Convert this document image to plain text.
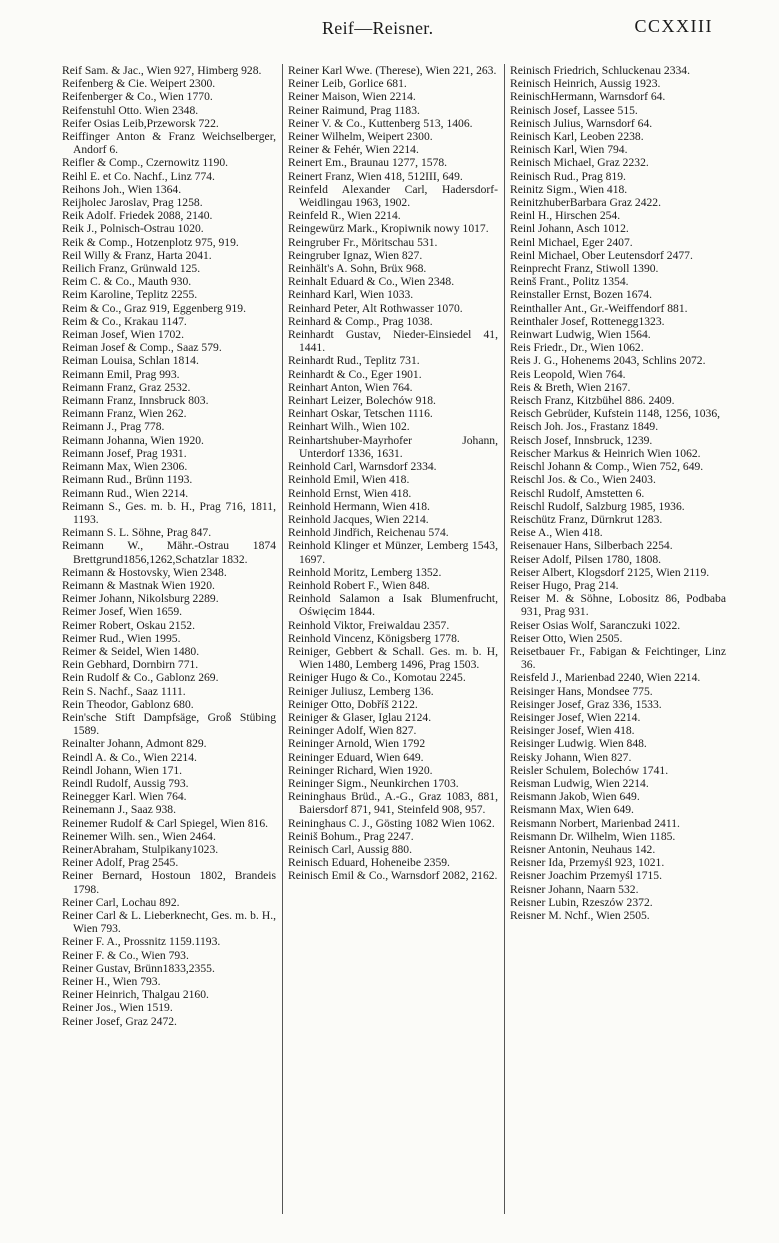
Reif—Reisner.	CCXXIII

Reif Sam. & Jac., Wien 927, Himberg 928.

Reifenberg & Cie. Weipert 2300.

Reifenberger & Co., Wien 1770.

Reifenstuhl Otto. Wien 2348.

Reifer Osias Leib,Przeworsk 722.

Reiffinger Anton & Franz Weichselberger, Andorf 6.

Reifler & Comp., Czernowitz 1190.

Reihl E. et Co. Nachf., Linz 774.

Reihons Joh., Wien 1364.

Reijholec Jaroslav, Prag 1258.

Reik Adolf. Friedek 2088, 2140.

Reik J., Polnisch-Ostrau 1020.

Reik & Comp., Hotzenplotz 975, 919.

Reil Willy & Franz, Harta 2041.

Reilich Franz, Grünwald 125.

Reim C. & Co., Mauth 930.

Reim Karoline, Teplitz 2255.

Reim & Co., Graz 919, Eggenberg 919.

Reim & Co., Krakau 1147.

Reiman Josef, Wien 1702.

Reiman Josef & Comp., Saaz 579.

Reiman Louisa, Schlan 1814.

Reimann Emil, Prag 993.

Reimann Franz, Graz 2532.

Reimann Franz, Innsbruck 803.

Reimann Franz, Wien 262.

Reimann J., Prag 778.

Reimann Johanna, Wien 1920.

Reimann Josef, Prag 1931.

Reimann Max, Wien 2306.

Reimann Rud., Brünn 1193.

Reimann Rud., Wien 2214.

Reimann S., Ges. m. b. H., Prag 716, 1811, 1193.

Reimann S. L. Söhne, Prag 847.

Reimann W., Mähr.-Ostrau 1874 Brettgrund1856,1262,Schatzlar 1832.

Reimann & Hostovsky, Wien 2348.

Reimann & Mastnak Wien 1920.

Reimer Johann, Nikolsburg 2289.

Reimer Josef, Wien 1659.

Reimer Robert, Oskau 2152.

Reimer Rud., Wien 1995.

Reimer & Seidel, Wien 1480.

Rein Gebhard, Dornbirn 771.

Rein Rudolf & Co., Gablonz 269.

Rein S. Nachf., Saaz 1111.

Rein Theodor, Gablonz 680.

Rein'sche Stift Dampfsäge, Groß Stübing 1589.

Reinalter Johann, Admont 829.

Reindl A. & Co., Wien 2214.

Reindl Johann, Wien 171.

Reindl Rudolf, Aussig 793.

Reinegger Karl. Wien 764.

Reinemann J., Saaz 938.

Reinemer Rudolf & Carl Spiegel, Wien 816.

Reinemer Wilh. sen., Wien 2464.

ReinerAbraham, Stulpikany1023.

Reiner Adolf, Prag 2545.

Reiner Bernard, Hostoun 1802, Brandeis 1798.

Reiner Carl, Lochau 892.

Reiner Carl & L. Lieberknecht, Ges. m. b. H., Wien 793.

Reiner F. A., Prossnitz 1159.1193.

Reiner F. & Co., Wien 793.

Reiner Gustav, Brünn1833,2355.

Reiner H., Wien 793.

Reiner Heinrich, Thalgau 2160.

Reiner Jos., Wien 1519.

Reiner Josef, Graz 2472.

Reiner Karl Wwe. (Therese), Wien 221, 263.

Reiner Leib, Gorlice 681.

Reiner Maison, Wien 2214.

Reiner Raimund, Prag 1183.

Reiner V. & Co., Kuttenberg 513, 1406.

Reiner Wilhelm, Weipert 2300.

Reiner & Fehér, Wien 2214.

Reinert Em., Braunau 1277, 1578.

Reinert Franz, Wien 418, 512III, 649.

Reinfeld Alexander Carl, Hadersdorf-Weidlingau 1963, 1902.

Reinfeld R., Wien 2214.

Reingewürz Mark., Kropiwnik nowy 1017.

Reingruber Fr., Möritschau 531.

Reingruber Ignaz, Wien 827.

Reinhält's A. Sohn, Brüx 968.

Reinhalt Eduard & Co., Wien 2348.

Reinhard Karl, Wien 1033.

Reinhard Peter, Alt Rothwasser 1070.

Reinhard & Comp., Prag 1038.

Reinhardt Gustav, Nieder-Einsiedel 41, 1441.

Reinhardt Rud., Teplitz 731.

Reinhardt & Co., Eger 1901.

Reinhart Anton, Wien 764.

Reinhart Leizer, Bolechów 918.

Reinhart Oskar, Tetschen 1116.

Reinhart Wilh., Wien 102.

Reinhartshuber-Mayrhofer Johann, Unterdorf 1336, 1631.

Reinhold Carl, Warnsdorf 2334.

Reinhold Emil, Wien 418.

Reinhold Ernst, Wien 418.

Reinhold Hermann, Wien 418.

Reinhold Jacques, Wien 2214.

Reinhold Jindřich, Reichenau 574.

Reinhold Klinger et Münzer, Lemberg 1543, 1697.

Reinhold Moritz, Lemberg 1352.

Reinhold Robert F., Wien 848.

Reinhold Salamon a Isak Blumenfrucht, Oświęcim 1844.

Reinhold Viktor, Freiwaldau 2357.

Reinhold Vincenz, Königsberg 1778.

Reiniger, Gebbert & Schall. Ges. m. b. H, Wien 1480, Lemberg 1496, Prag 1503.

Reiniger Hugo & Co., Komotau 2245.

Reiniger Juliusz, Lemberg 136.

Reiniger Otto, Dobříš 2122.

Reiniger & Glaser, Iglau 2124.

Reininger Adolf, Wien 827.

Reininger Arnold, Wien 1792

Reininger Eduard, Wien 649.

Reininger Richard, Wien 1920.

Reininger Sigm., Neunkirchen 1703.

Reininghaus Brüd., A.-G., Graz 1083, 881, Baiersdorf 871, 941, Steinfeld 908, 957.

Reininghaus C. J., Gösting 1082 Wien 1062.

Reiniš Bohum., Prag 2247.

Reinisch Carl, Aussig 880.

Reinisch Eduard, Hoheneibe 2359.

Reinisch Emil & Co., Warnsdorf 2082, 2162.

Reinisch Friedrich, Schluckenau 2334.

Reinisch Heinrich, Aussig 1923.

ReinischHermann, Warnsdorf 64.

Reinisch Josef, Lassee 515.

Reinisch Julius, Warnsdorf 64.

Reinisch Karl, Leoben 2238.

Reinisch Karl, Wien 794.

Reinisch Michael, Graz 2232.

Reinisch Rud., Prag 819.

Reinitz Sigm., Wien 418.

ReinitzhuberBarbara Graz 2422.

Reinl H., Hirschen 254.

Reinl Johann, Asch 1012.

Reinl Michael, Eger 2407.

Reinl Michael, Ober Leutensdorf 2477.

Reinprecht Franz, Stiwoll 1390.

Reinš Frant., Politz 1354.

Reinstaller Ernst, Bozen 1674.

Reinthaller Ant., Gr.-Weiffendorf 881.

Reinthaler Josef, Rottenegg1323.

Reinwart Ludwig, Wien 1564.

Reis Friedr., Dr., Wien 1062.

Reis J. G., Hohenems 2043, Schlins 2072.

Reis Leopold, Wien 764.

Reis & Breth, Wien 2167.

Reisch Franz, Kitzbühel 886. 2409.

Reisch Gebrüder, Kufstein 1148, 1256, 1036,

Reisch Joh. Jos., Frastanz 1849.

Reisch Josef, Innsbruck, 1239.

Reischer Markus & Heinrich Wien 1062.

Reischl Johann & Comp., Wien 752, 649.

Reischl Jos. & Co., Wien 2403.

Reischl Rudolf, Amstetten 6.

Reischl Rudolf, Salzburg 1985, 1936.

Reischütz Franz, Dürnkrut 1283.

Reise A., Wien 418.

Reisenauer Hans, Silberbach 2254.

Reiser Adolf, Pilsen 1780, 1808.

Reiser Albert, Klogsdorf 2125, Wien 2119.

Reiser Hugo, Prag 214.

Reiser M. & Söhne, Lobositz 86, Podbaba 931, Prag 931.

Reiser Osias Wolf, Saranczuki 1022.

Reiser Otto, Wien 2505.

Reisetbauer Fr., Fabigan & Feichtinger, Linz 36.

Reisfeld J., Marienbad 2240, Wien 2214.

Reisinger Hans, Mondsee 775.

Reisinger Josef, Graz 336, 1533.

Reisinger Josef, Wien 2214.

Reisinger Josef, Wien 418.

Reisinger Ludwig. Wien 848.

Reisky Johann, Wien 827.

Reisler Schulem, Bolechów 1741.

Reisman Ludwig, Wien 2214.

Reismann Jakob, Wien 649.

Reismann Max, Wien 649.

Reismann Norbert, Marienbad 2411.

Reismann Dr. Wilhelm, Wien 1185.

Reisner Antonin, Neuhaus 142.

Reisner Ida, Przemyśl 923, 1021.

Reisner Joachim Przemyśl 1715.

Reisner Johann, Naarn 532.

Reisner Lubin, Rzeszów 2372.

Reisner M. Nchf., Wien 2505.
